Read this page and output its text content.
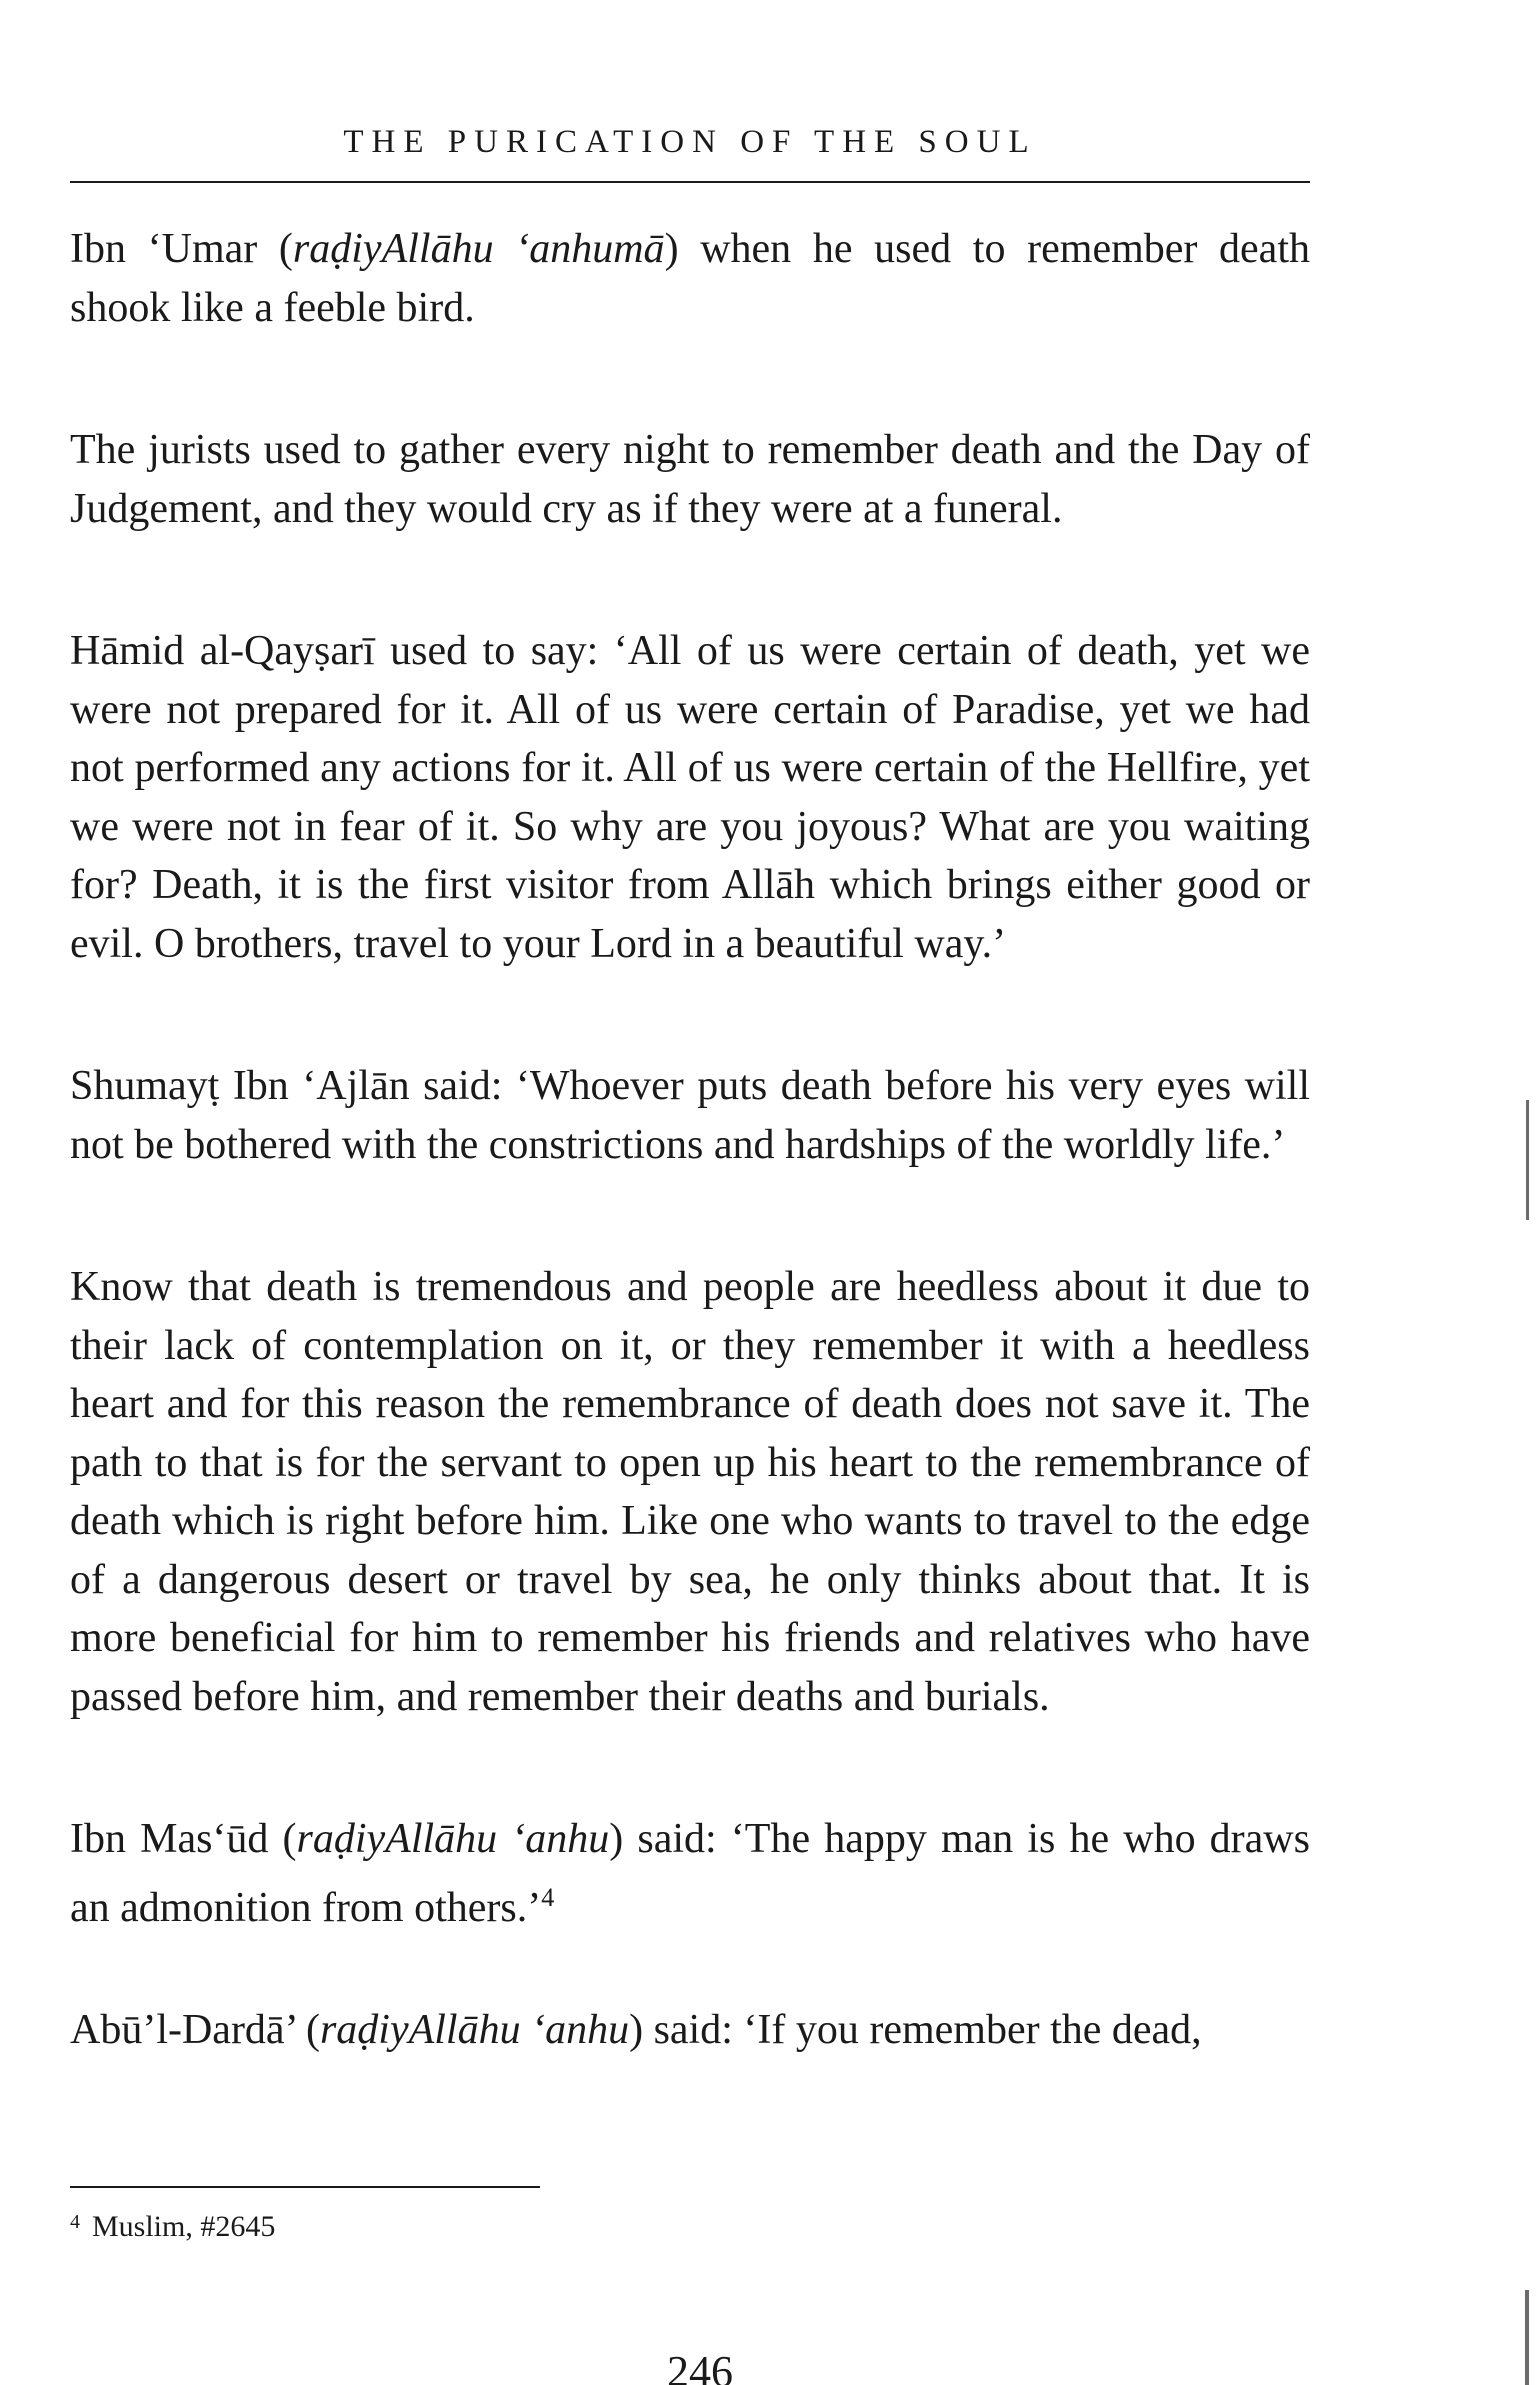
THE PURICATION OF THE SOUL

Ibn ‘Umar (raḍiyAllāhu ‘anhumā) when he used to remember death shook like a feeble bird.

The jurists used to gather every night to remember death and the Day of Judgement, and they would cry as if they were at a funeral.

Hāmid al-Qayṣarī used to say: ‘All of us were certain of death, yet we were not prepared for it. All of us were certain of Paradise, yet we had not performed any actions for it. All of us were certain of the Hellfire, yet we were not in fear of it. So why are you joyous? What are you waiting for? Death, it is the first visitor from Allāh which brings either good or evil. O brothers, travel to your Lord in a beautiful way.’

Shumayṭ Ibn ‘Ajlān said: ‘Whoever puts death before his very eyes will not be bothered with the constrictions and hardships of the worldly life.’

Know that death is tremendous and people are heedless about it due to their lack of contemplation on it, or they remember it with a heedless heart and for this reason the remembrance of death does not save it. The path to that is for the servant to open up his heart to the remembrance of death which is right before him. Like one who wants to travel to the edge of a dangerous desert or travel by sea, he only thinks about that. It is more beneficial for him to remember his friends and relatives who have passed before him, and remember their deaths and burials.

Ibn Mas‘ūd (raḍiyAllāhu ‘anhu) said: ‘The happy man is he who draws an admonition from others.’$^4$

Abū’l-Dardā’ (raḍiyAllāhu ‘anhu) said: ‘If you remember the dead,

$^4$ Muslim, #2645
246
